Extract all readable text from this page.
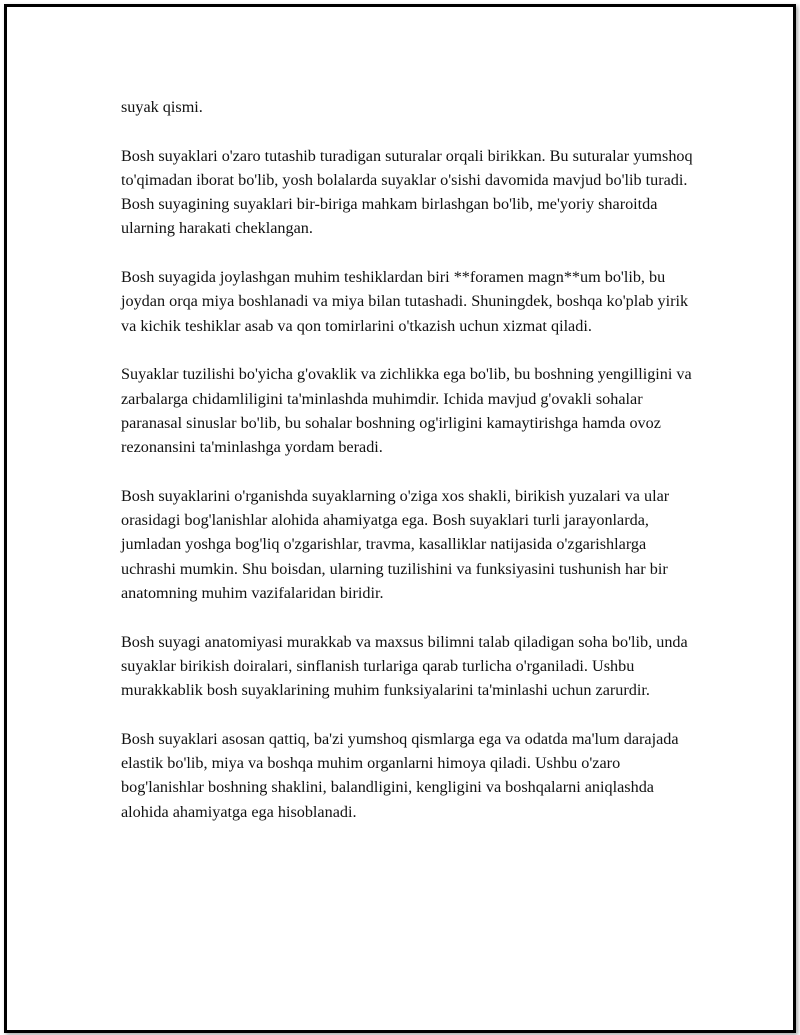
suyak qismi.

Bosh suyaklari o'zaro tutashib turadigan suturalar orqali birikkan. Bu suturalar yumshoq to'qimadan iborat bo'lib, yosh bolalarda suyaklar o'sishi davomida mavjud bo'lib turadi. Bosh suyagining suyaklari bir-biriga mahkam birlashgan bo'lib, me'yoriy sharoitda ularning harakati cheklangan.

Bosh suyagida joylashgan muhim teshiklardan biri **foramen magn**um bo'lib, bu joydan orqa miya boshlanadi va miya bilan tutashadi. Shuningdek, boshqa ko'plab yirik va kichik teshiklar asab va qon tomirlarini o'tkazish uchun xizmat qiladi.

Suyaklar tuzilishi bo'yicha g'ovaklik va zichlikka ega bo'lib, bu boshning yengilligini va zarbalarga chidamliligini ta'minlashda muhimdir. Ichida mavjud g'ovakli sohalar paranasal sinuslar bo'lib, bu sohalar boshning og'irligini kamaytirishga hamda ovoz rezonansini ta'minlashga yordam beradi.

Bosh suyaklarini o'rganishda suyaklarning o'ziga xos shakli, birikish yuzalari va ular orasidagi bog'lanishlar alohida ahamiyatga ega. Bosh suyaklari turli jarayonlarda, jumladan yoshga bog'liq o'zgarishlar, travma, kasalliklar natijasida o'zgarishlarga uchrashi mumkin. Shu boisdan, ularning tuzilishini va funksiyasini tushunish har bir anatomning muhim vazifalaridan biridir.

Bosh suyagi anatomiyasi murakkab va maxsus bilimni talab qiladigan soha bo'lib, unda suyaklar birikish doiralari, sinflanish turlariga qarab turlicha o'rganiladi. Ushbu murakkablik bosh suyaklarining muhim funksiyalarini ta'minlashi uchun zarurdir.

Bosh suyaklari asosan qattiq, ba'zi yumshoq qismlarga ega va odatda ma'lum darajada elastik bo'lib, miya va boshqa muhim organlarni himoya qiladi. Ushbu o'zaro bog'lanishlar boshning shaklini, balandligini, kengligini va boshqalarni aniqlashda alohida ahamiyatga ega hisoblanadi.
